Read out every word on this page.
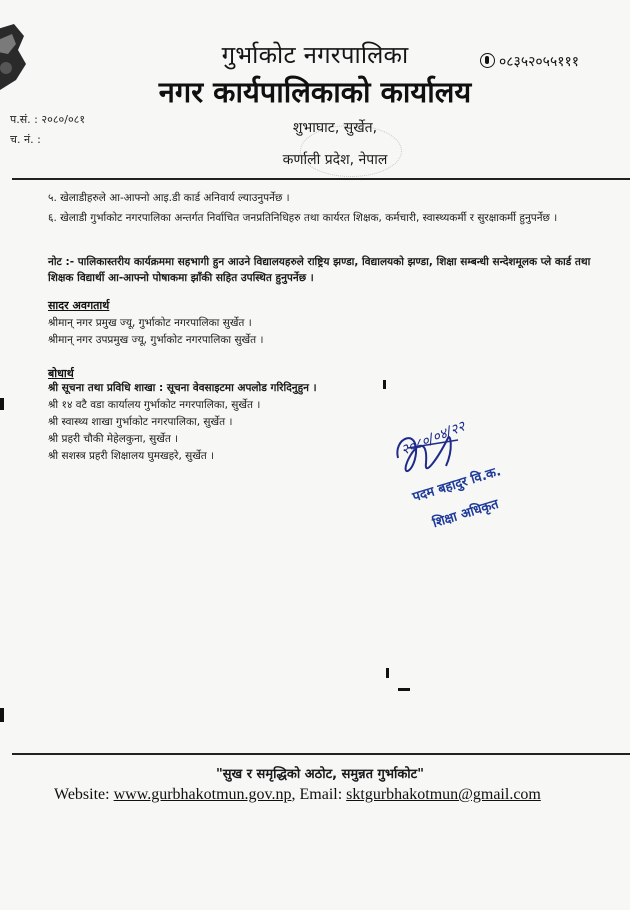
गुर्भाकोट नगरपालिका
नगर कार्यपालिकाको कार्यालय
०८३५२०५५१११
प.सं. : २०८०/०८१
च. नं. :
शुभाघाट, सुर्खेत,
कर्णाली प्रदेश, नेपाल
५. खेलाडीहरुले आ-आफ्नो आइ.डी कार्ड अनिवार्य ल्याउनुपर्नेछ ।
६. खेलाडी गुर्भाकोट नगरपालिका अन्तर्गत निर्वाचित जनप्रतिनिधिहरु तथा कार्यरत शिक्षक, कर्मचारी, स्वास्थ्यकर्मी र सुरक्षाकर्मी हुनुपर्नेछ ।
नोट :- पालिकास्तरीय कार्यक्रममा सहभागी हुन आउने विद्यालयहरुले राष्ट्रिय झण्डा, विद्यालयको झण्डा, शिक्षा सम्बन्धी सन्देशमूलक प्ले कार्ड तथा शिक्षक विद्यार्थी आ-आफ्नो पोषाकमा झाँकी सहित उपस्थित हुनुपर्नेछ ।
सादर अवगतार्थ
श्रीमान् नगर प्रमुख ज्यू, गुर्भाकोट नगरपालिका सुर्खेत ।
श्रीमान् नगर उपप्रमुख ज्यू, गुर्भाकोट नगरपालिका सुर्खेत ।
बोधार्थ
श्री सूचना तथा प्रविधि शाखा : सूचना वेवसाइटमा अपलोड गरिदिनुहुन ।
श्री १४ वटै वडा कार्यालय गुर्भाकोट नगरपालिका, सुर्खेत ।
श्री स्वास्थ्य शाखा गुर्भाकोट नगरपालिका, सुर्खेत ।
श्री प्रहरी चौकी मेहेलकुना, सुर्खेत ।
श्री सशस्त्र प्रहरी शिक्षालय घुमखहरे, सुर्खेत ।	२०८०/०४/२२
पदम बहादुर वि.क.
शिक्षा अधिकृत
"सुख र समृद्धिको अठोट, समुन्नत गुर्भाकोट"
Website: www.gurbhakotmun.gov.np, Email: sktgurbhakotmun@gmail.com
